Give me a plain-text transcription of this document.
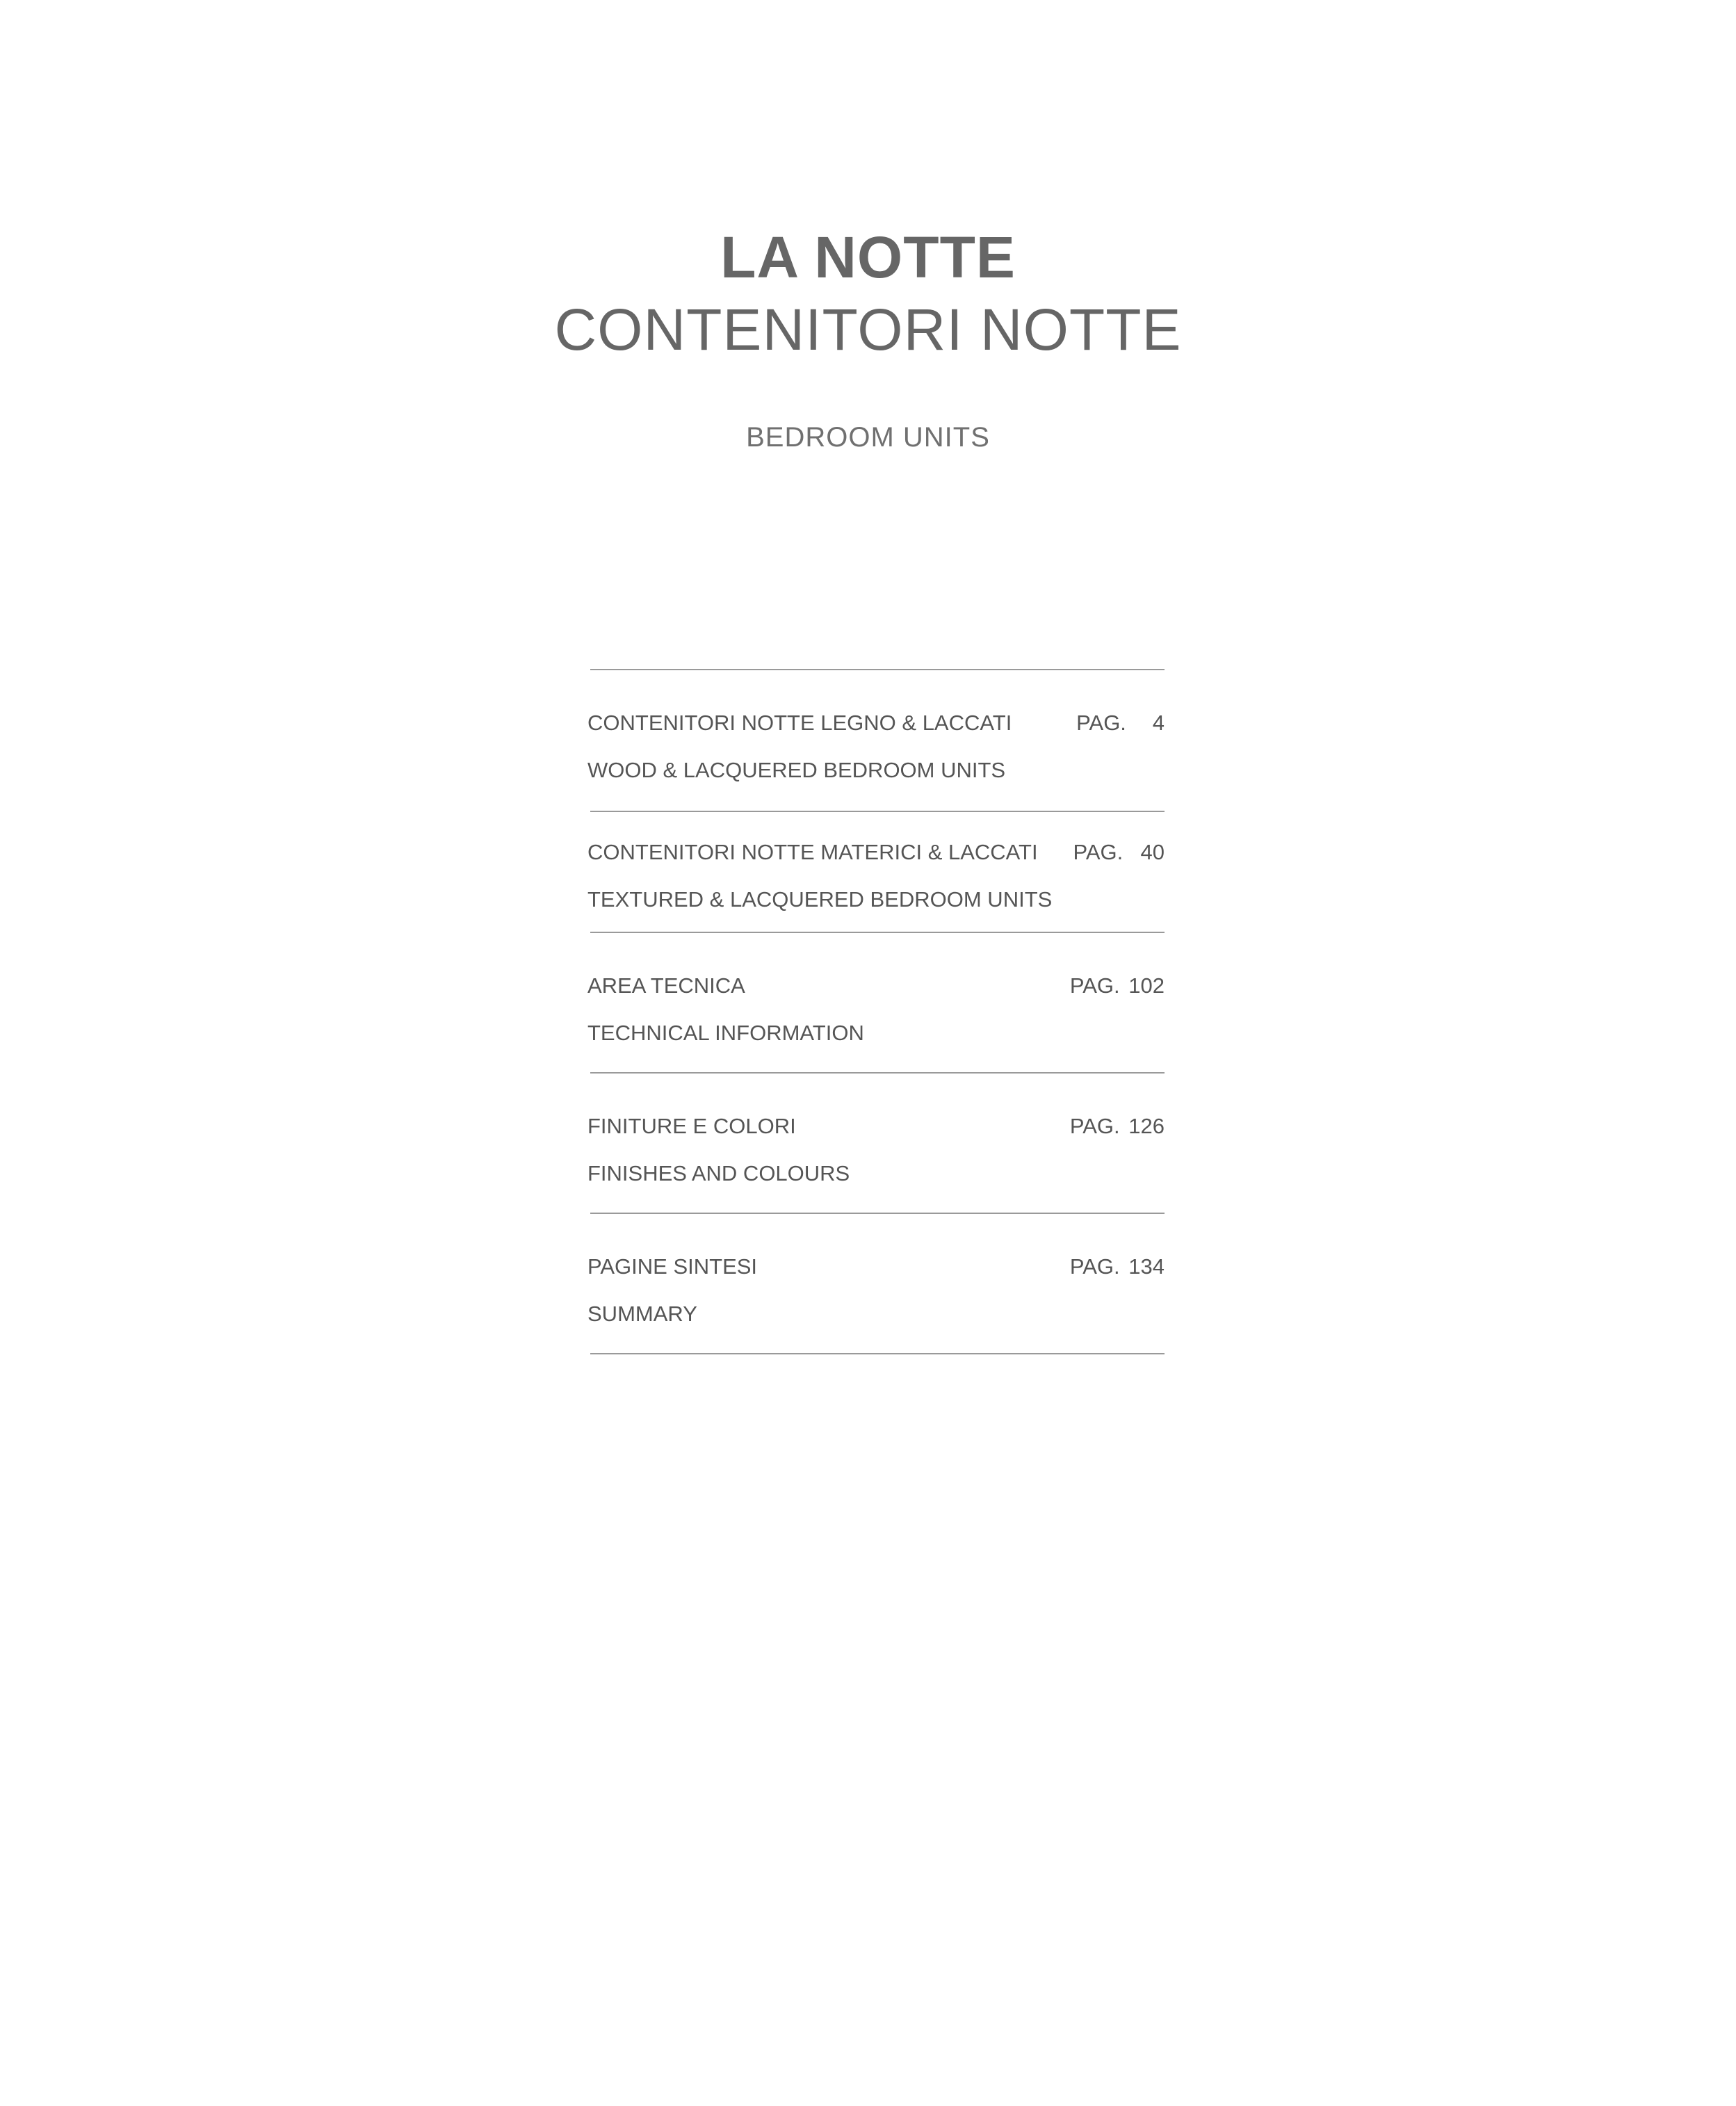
LA NOTTE
CONTENITORI NOTTE
BEDROOM UNITS
CONTENITORI NOTTE LEGNO & LACCATI	PAG.   4
WOOD & LACQUERED BEDROOM UNITS
CONTENITORI NOTTE MATERICI & LACCATI PAG.  40
TEXTURED & LACQUERED BEDROOM UNITS
AREA TECNICA	PAG. 102
TECHNICAL INFORMATION
FINITURE E COLORI	PAG. 126
FINISHES AND COLOURS
PAGINE SINTESI	PAG. 134
SUMMARY
